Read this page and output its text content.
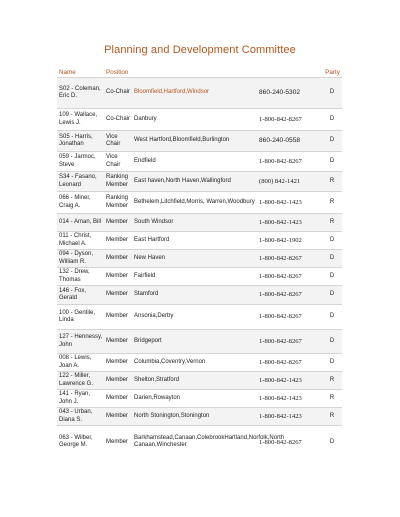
Planning and Development Committee
Name	Position			Party
S02 - Coleman, Eric D.	Co-Chair	Bloomfield,Hartford,Windsor	860-240-5302	D
109 - Wallace, Lewis J.	Co-Chair	Danbury	1-800-842-8267	D
S05 - Harris, Jonathan	Vice Chair	West Hartford,Bloomfield,Burlington	860-240-0558	D
059 - Jarmoc, Steve	Vice Chair	Endfield	1-800-842-8267	D
S34 - Fasano, Leonard	Ranking Member	East haven,North Haven,Wallingford	(800) 842-1421	R
066 - Miner, Craig A.	Ranking Member	Bethelem,Litchfield,Morris, Warren,Woodbury	1-800-842-1423	R
014 - Aman, Bill	Member	South Windsor	1-800-842-1423	R
011 - Christ, Michael A.	Member	East Hartford	1-800-842-1902	D
094 - Dyson, William R.	Member	New Haven	1-800-842-8267	D
132 - Drew, Thomas	Member	Fairfield	1-800-842-8267	D
146 - Fox, Gerald	Member	Stamford	1-800-842-8267	D
100 - Gentile, Linda	Member	Ansonia,Derby	1-800-842-8267	D
127 - Hennessy, John	Member	Bridgeport	1-800-842-8267	D
008 - Lewis, Joan A.	Member	Columbia,Coventry,Vernon	1-800-842-8267	D
122 - Miller, Lawrence G.	Member	Shelton,Stratford	1-800-842-1423	R
141 - Ryan, John J.	Member	Darien,Rowayton	1-800-842-1423	R
043 - Urban, Diana S.	Member	North Stonington,Stonington	1-800-842-1423	R
063 - Wilber, George M.	Member	Barkhamstead,Canaan,ColebrookHartland,Norfolk,North Canaan,Winchester	1-800-842-8267	D
